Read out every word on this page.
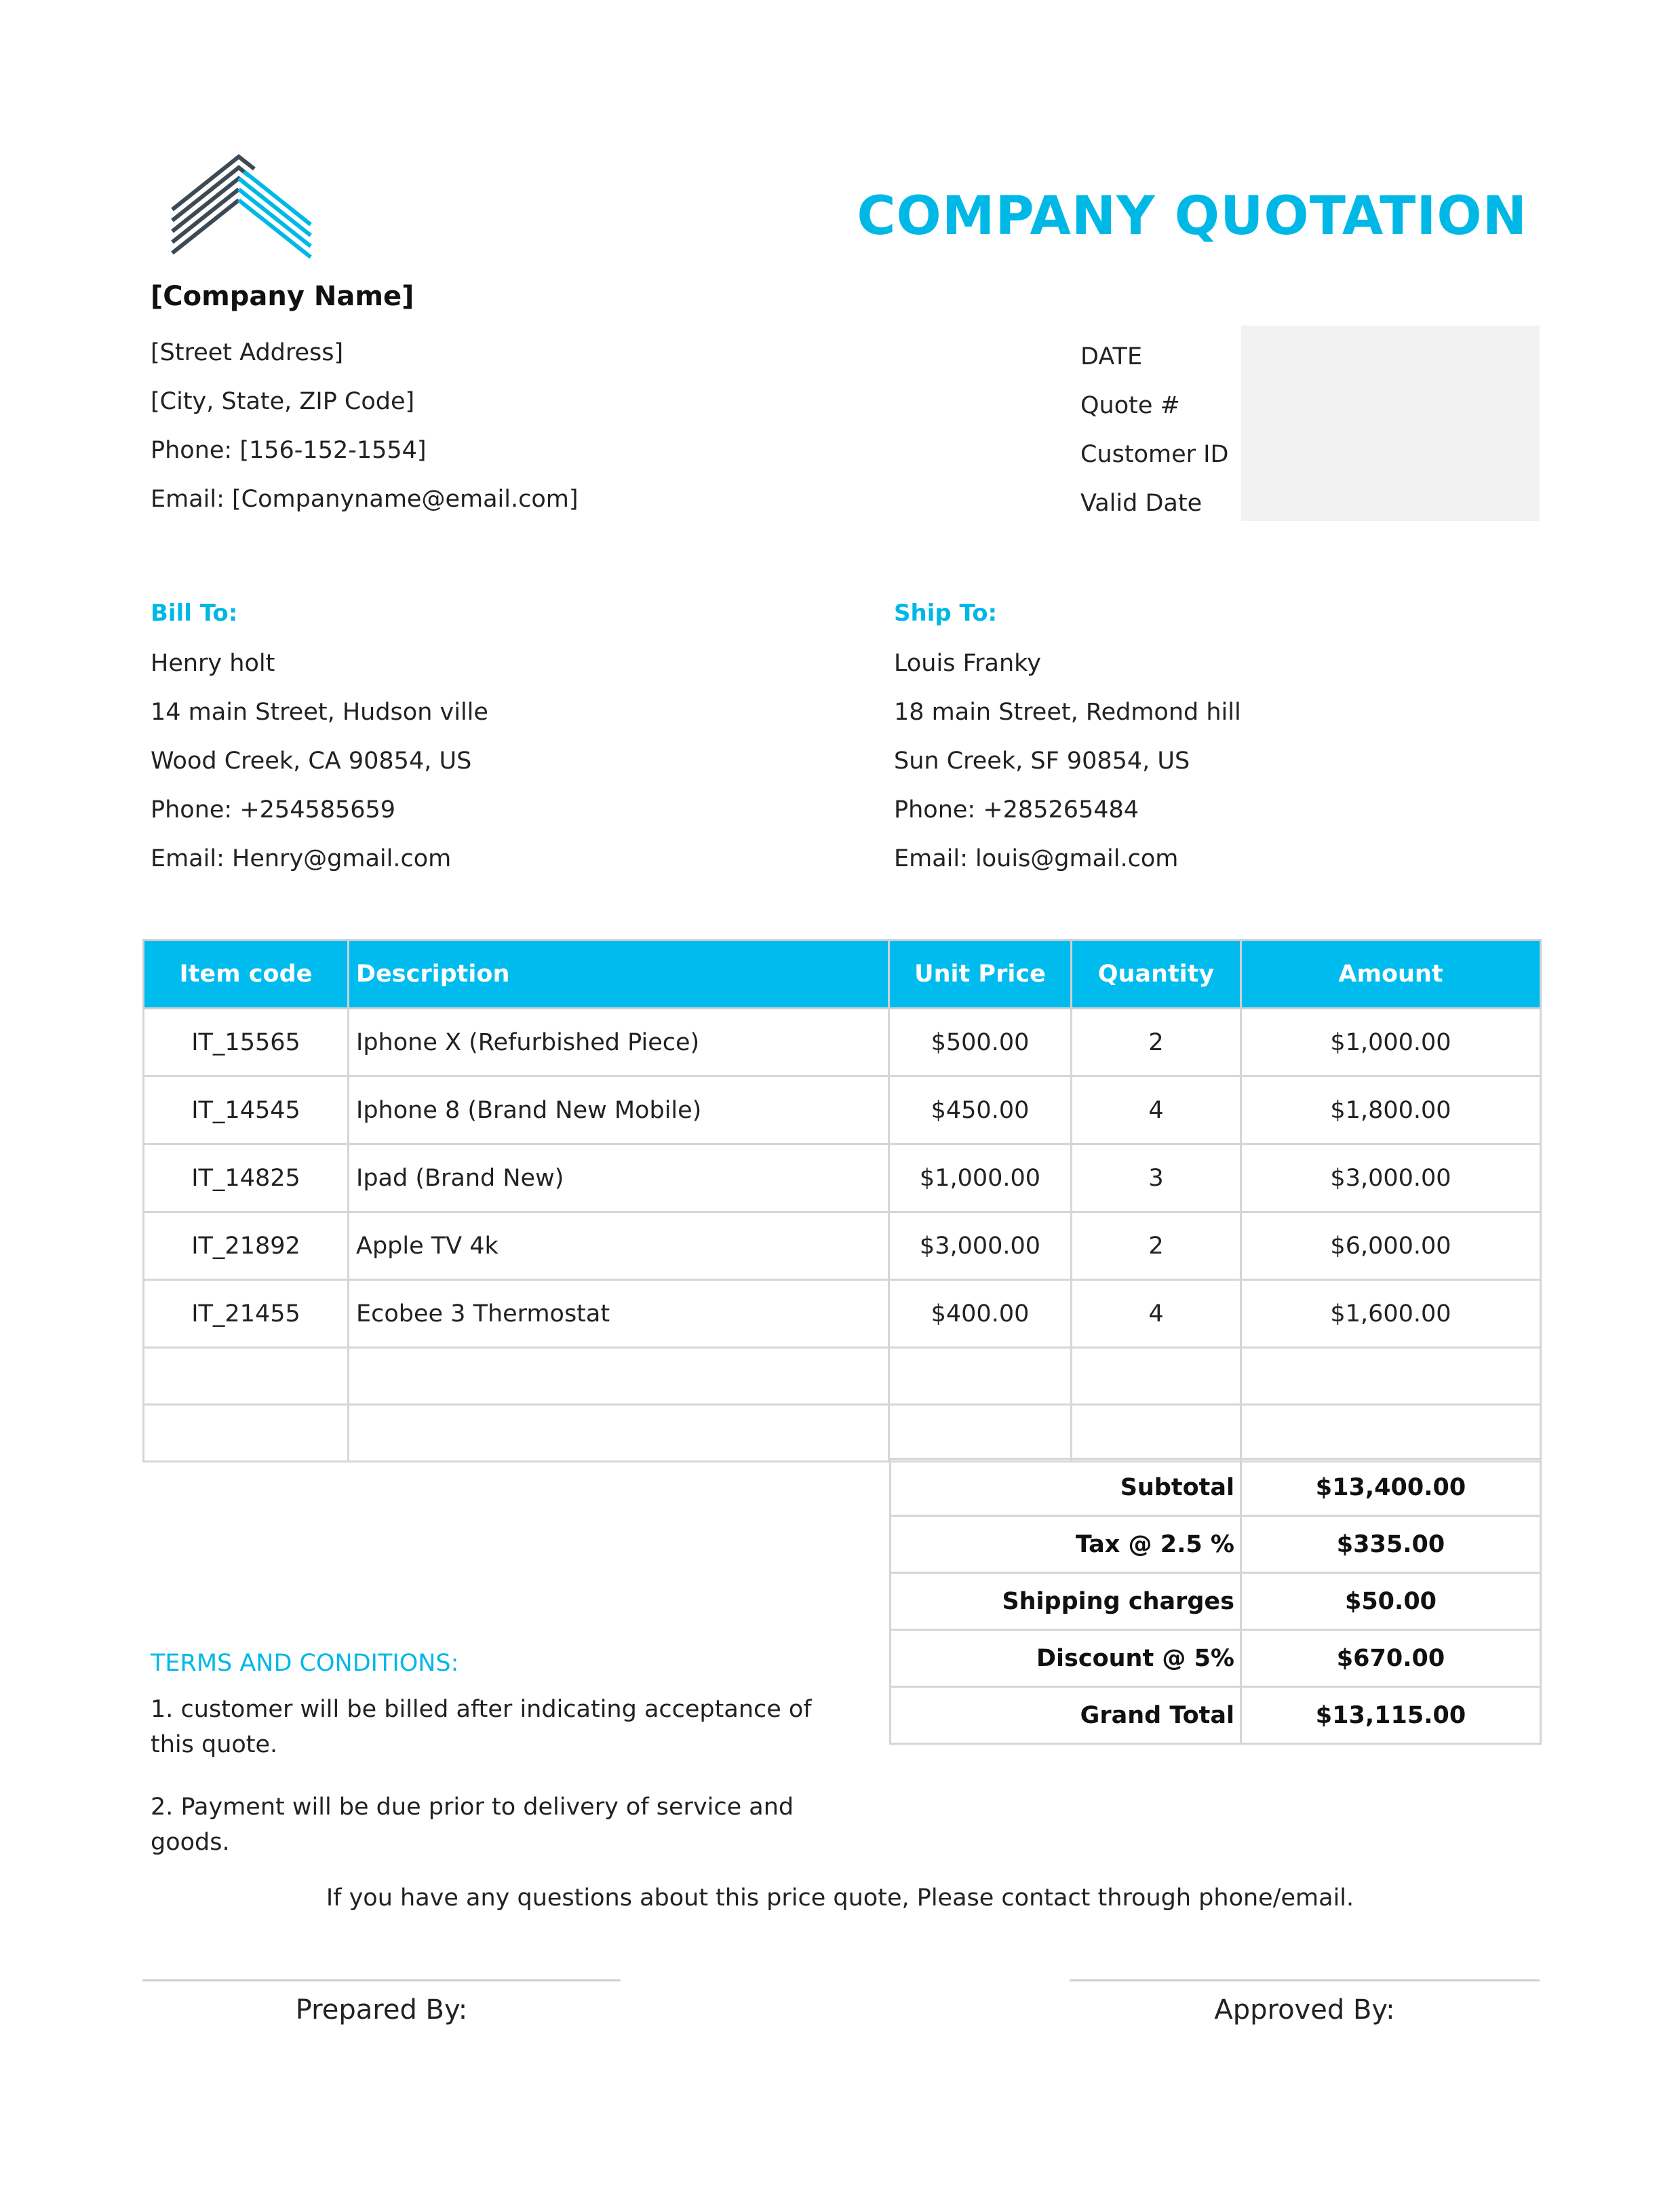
COMPANY QUOTATION
[Company Name]
[Street Address]
[City, State, ZIP Code]
Phone: [156-152-1554]
Email: [Companyname@email.com]
DATE
Quote #
Customer ID
Valid Date
Bill To:
Henry holt
14 main Street, Hudson ville
Wood Creek, CA 90854, US
Phone: +254585659
Email: Henry@gmail.com
Ship To:
Louis Franky
18 main Street, Redmond hill
Sun Creek, SF 90854, US
Phone: +285265484
Email: louis@gmail.com
Item code	Description	Unit Price	Quantity	Amount
IT_15565	Iphone X (Refurbished Piece)	$500.00	2	$1,000.00
IT_14545	Iphone 8 (Brand New Mobile)	$450.00	4	$1,800.00
IT_14825	Ipad (Brand New)	$1,000.00	3	$3,000.00
IT_21892	Apple TV 4k	$3,000.00	2	$6,000.00
IT_21455	Ecobee 3 Thermostat	$400.00	4	$1,600.00

Subtotal	$13,400.00
Tax @ 2.5 %	$335.00
Shipping charges	$50.00
Discount @ 5%	$670.00
Grand Total	$13,115.00
TERMS AND CONDITIONS:
1. customer will be billed after indicating acceptance of this quote.
2. Payment will be due prior to delivery of service and goods.
If you have any questions about this price quote, Please contact through phone/email.
Prepared By:	Approved By:
